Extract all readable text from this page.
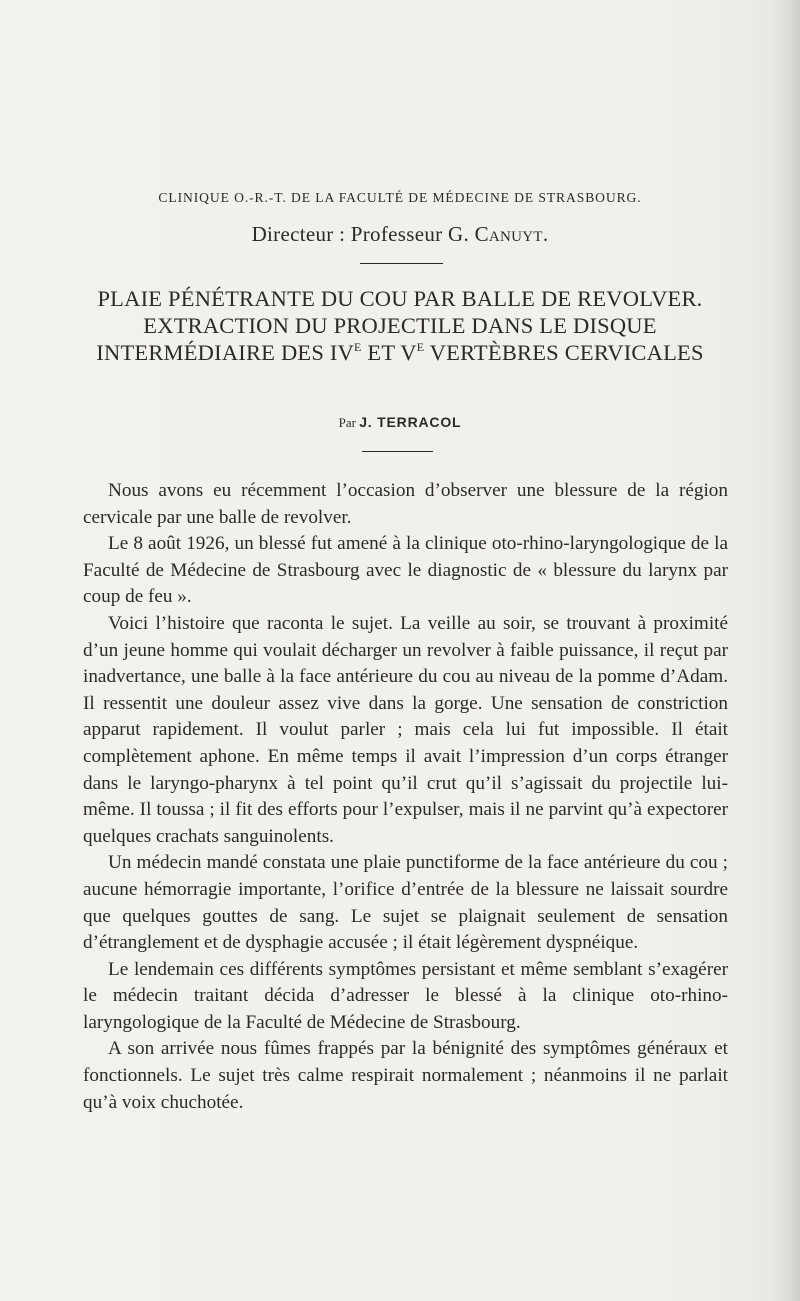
CLINIQUE O.-R.-T. DE LA FACULTÉ DE MÉDECINE DE STRASBOURG.
Directeur : Professeur G. Canuyt.
PLAIE PÉNÉTRANTE DU COU PAR BALLE DE REVOLVER. EXTRACTION DU PROJECTILE DANS LE DISQUE INTERMÉDIAIRE DES $IV^E$ ET $V^E$ VERTÈBRES CERVICALES
Par J. TERRACOL

Nous avons eu récemment l’occasion d’observer une blessure de la région cervicale par une balle de revolver.

Le 8 août 1926, un blessé fut amené à la clinique oto-rhino-laryngologique de la Faculté de Médecine de Strasbourg avec le diagnostic de « blessure du larynx par coup de feu ».

Voici l’histoire que raconta le sujet. La veille au soir, se trouvant à proximité d’un jeune homme qui voulait décharger un revolver à faible puissance, il reçut par inadvertance, une balle à la face antérieure du cou au niveau de la pomme d’Adam. Il ressentit une douleur assez vive dans la gorge. Une sensation de constriction apparut rapidement. Il voulut parler ; mais cela lui fut impossible. Il était complètement aphone. En même temps il avait l’impression d’un corps étranger dans le laryngo-pharynx à tel point qu’il crut qu’il s’agissait du projectile lui-même. Il toussa ; il fit des efforts pour l’expulser, mais il ne parvint qu’à expectorer quelques crachats sanguinolents.

Un médecin mandé constata une plaie punctiforme de la face antérieure du cou ; aucune hémorragie importante, l’orifice d’entrée de la blessure ne laissait sourdre que quelques gouttes de sang. Le sujet se plaignait seulement de sensation d’étranglement et de dysphagie accusée ; il était légèrement dyspnéique.

Le lendemain ces différents symptômes persistant et même semblant s’exagérer le médecin traitant décida d’adresser le blessé à la clinique oto-rhino-laryngologique de la Faculté de Médecine de Strasbourg.

A son arrivée nous fûmes frappés par la bénignité des symptômes généraux et fonctionnels. Le sujet très calme respirait normalement ; néanmoins il ne parlait qu’à voix chuchotée.
